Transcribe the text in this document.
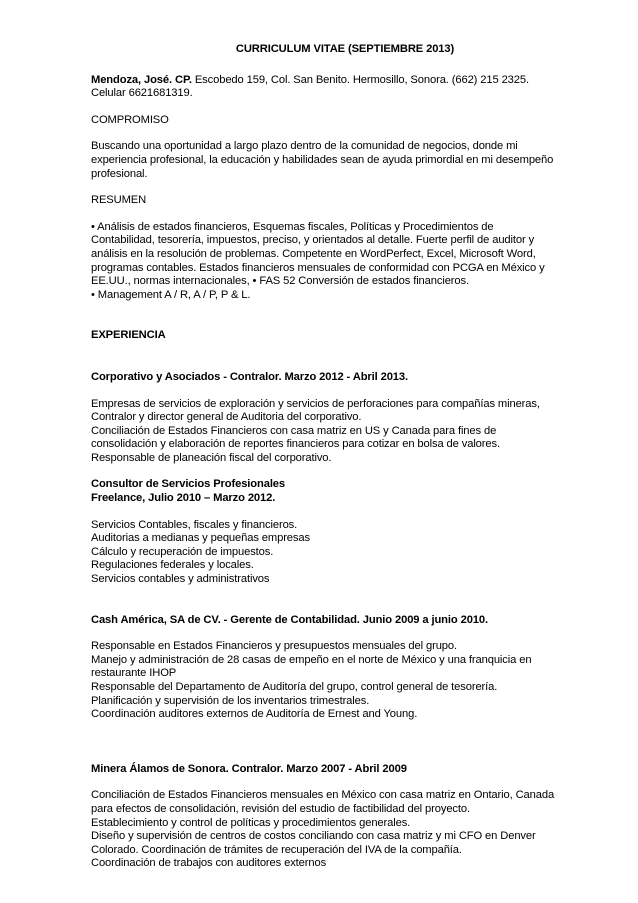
CURRICULUM VITAE (SEPTIEMBRE 2013)
Mendoza, José. CP. Escobedo 159, Col. San Benito. Hermosillo, Sonora. (662) 215 2325.
Celular 6621681319.
COMPROMISO
Buscando una oportunidad a largo plazo dentro de la comunidad de negocios, donde mi
experiencia profesional, la educación y habilidades sean de ayuda primordial en mi desempeño
profesional.
RESUMEN
• Análisis de estados financieros, Esquemas fiscales, Políticas y Procedimientos de
Contabilidad, tesorería, impuestos, preciso, y orientados al detalle. Fuerte perfil de auditor y
análisis en la resolución de problemas. Competente en WordPerfect, Excel, Microsoft Word,
programas contables. Estados financieros mensuales de conformidad con PCGA en México y
EE.UU., normas internacionales, • FAS 52 Conversión de estados financieros.
• Management A / R, A / P, P & L.
EXPERIENCIA
Corporativo y Asociados - Contralor. Marzo 2012 - Abril 2013.
Empresas de servicios de exploración y servicios de perforaciones para compañías mineras,
Contralor y director general de Auditoria del corporativo.
Conciliación de Estados Financieros con casa matriz en US y Canada para fines de
consolidación y elaboración de reportes financieros para cotizar en bolsa de valores.
Responsable de planeación fiscal del corporativo.
Consultor de Servicios Profesionales
Freelance, Julio 2010 – Marzo 2012.
Servicios Contables, fiscales y financieros.
Auditorias a medianas y pequeñas empresas
Cálculo y recuperación de impuestos.
Regulaciones federales y locales.
Servicios contables y administrativos
Cash América, SA de CV. - Gerente de Contabilidad. Junio 2009 a junio 2010.
Responsable en Estados Financieros y presupuestos mensuales del grupo.
Manejo y administración de 28 casas de empeño en el norte de México y una franquicia en
restaurante IHOP
Responsable del Departamento de Auditoría del grupo, control general de tesorería.
Planificación y supervisión de los inventarios trimestrales.
Coordinación auditores externos de Auditoría de Ernest and Young.
Minera Álamos de Sonora. Contralor. Marzo 2007 - Abril 2009
Conciliación de Estados Financieros mensuales en México con casa matriz en Ontario, Canada
para efectos de consolidación, revisión del estudio de factibilidad del proyecto.
Establecimiento y control de políticas y procedimientos generales.
Diseño y supervisión de centros de costos conciliando con casa matriz y mi CFO en Denver
Colorado. Coordinación de trámites de recuperación del IVA de la compañía.
Coordinación de trabajos con auditores externos
